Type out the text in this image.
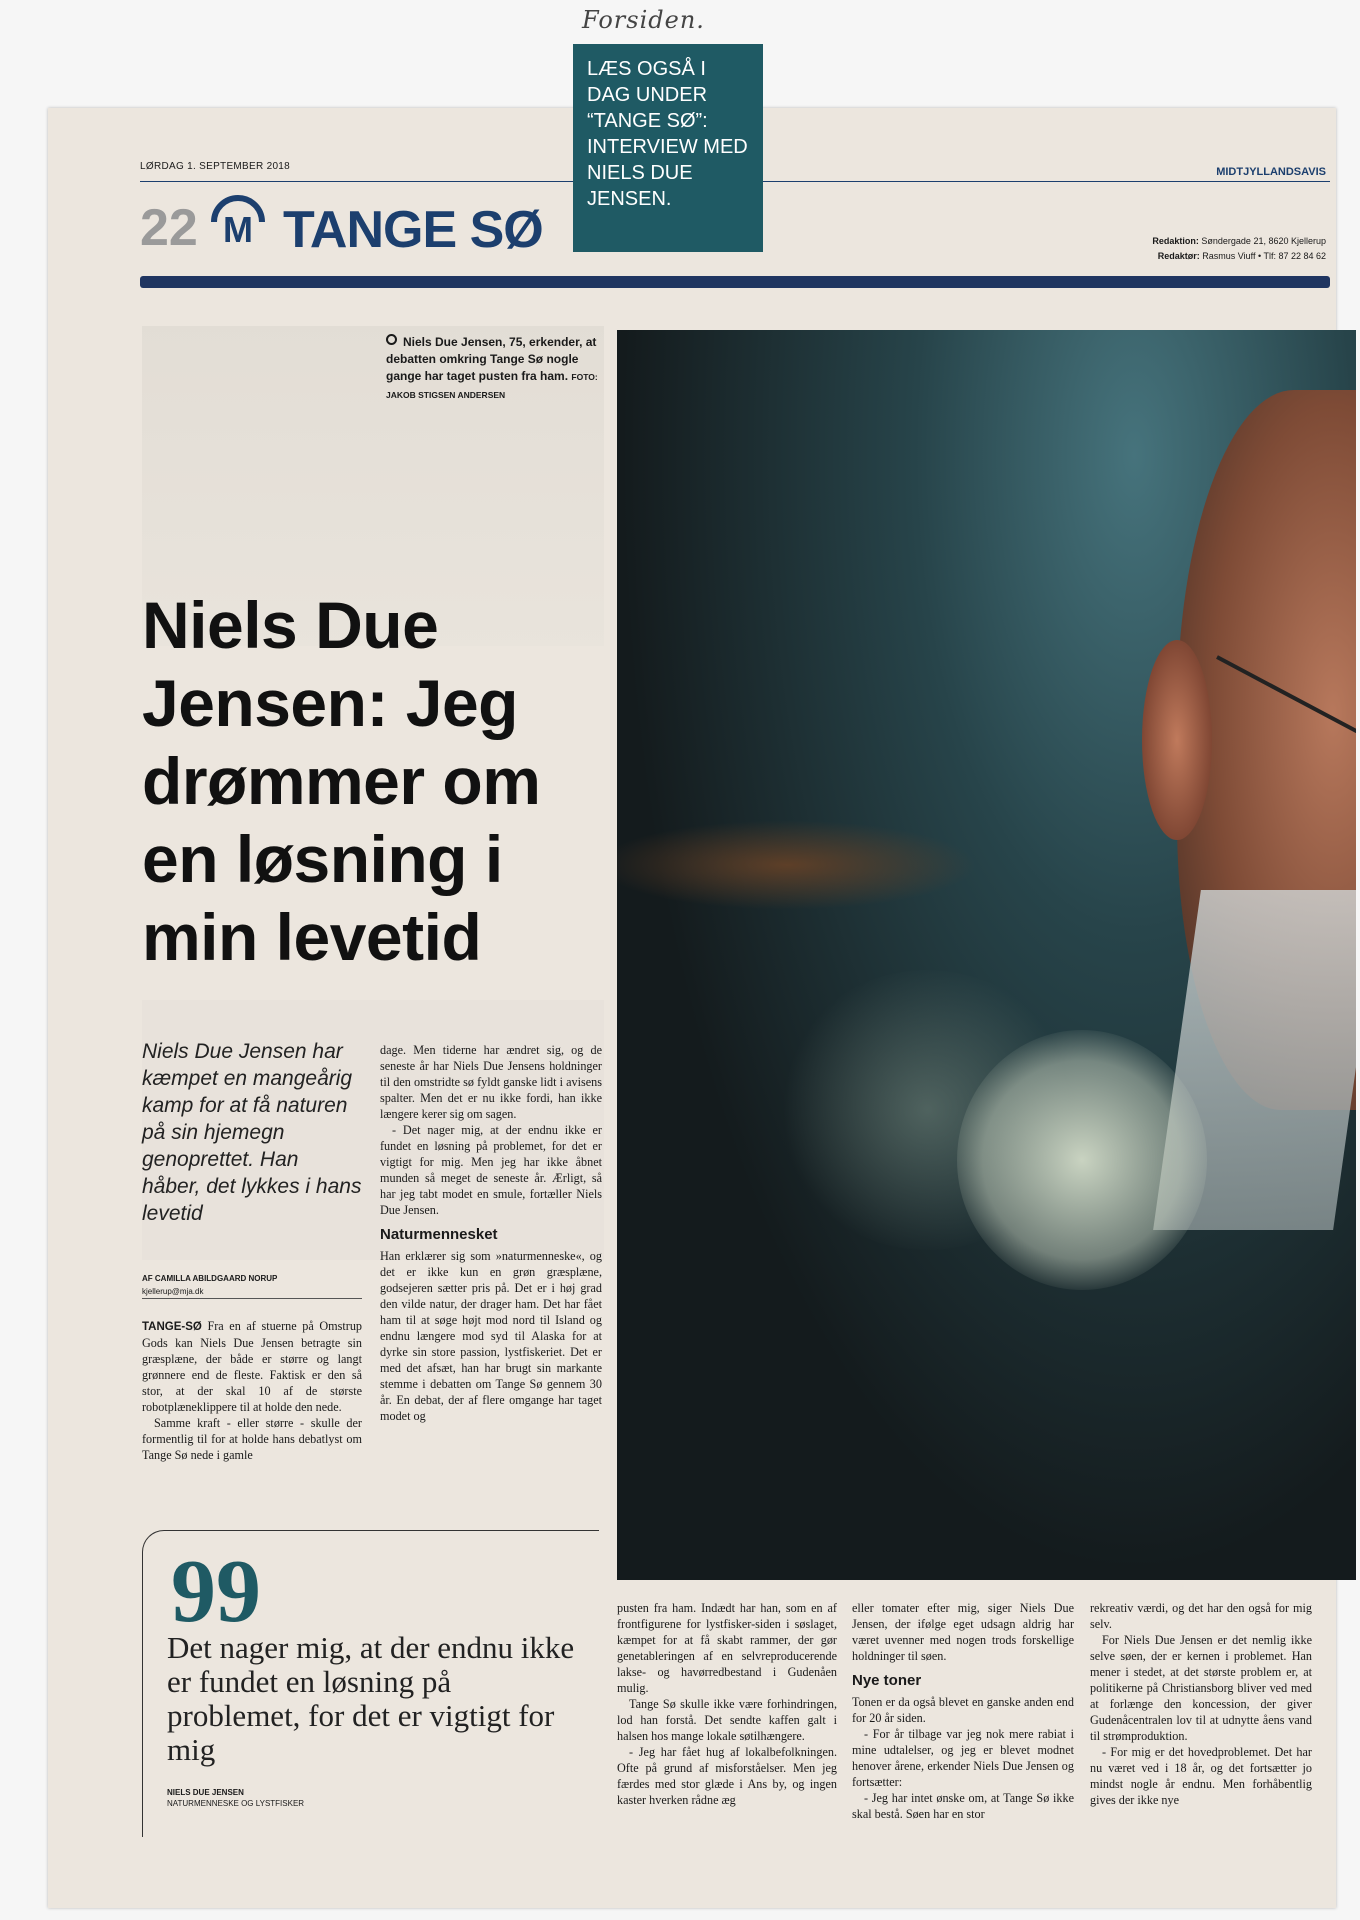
Forsiden.
LÆS OGSÅ I DAG UNDER “TANGE SØ”: INTERVIEW MED NIELS DUE JENSEN.
LØRDAG 1. SEPTEMBER 2018	MIDTJYLLANDSAVIS
22 M TANGE SØ	Redaktion: Søndergade 21, 8620 Kjellerup
Redaktør: Rasmus Viuff • Tlf: 87 22 84 62
Niels Due Jensen, 75, erkender, at debatten omkring Tange Sø nogle gange har taget pusten fra ham. FOTO: JAKOB STIGSEN ANDERSEN
Niels Due Jensen: Jeg drømmer om en løsning i min levetid
Niels Due Jensen har kæmpet en mangeårig kamp for at få naturen på sin hjemegn genoprettet. Han håber, det lykkes i hans levetid
AF CAMILLA ABILDGAARD NORUP
kjellerup@mja.dk

TANGE-SØ Fra en af stuerne på Omstrup Gods kan Niels Due Jensen betragte sin græsplæne, der både er større og langt grønnere end de fleste. Faktisk er den så stor, at der skal 10 af de største robotplæneklippere til at holde den nede.

Samme kraft - eller større - skulle der formentlig til for at holde hans debatlyst om Tange Sø nede i gamle

dage. Men tiderne har ændret sig, og de seneste år har Niels Due Jensens holdninger til den omstridte sø fyldt ganske lidt i avisens spalter. Men det er nu ikke fordi, han ikke længere kerer sig om sagen.

- Det nager mig, at der endnu ikke er fundet en løsning på problemet, for det er vigtigt for mig. Men jeg har ikke åbnet munden så meget de seneste år. Ærligt, så har jeg tabt modet en smule, fortæller Niels Due Jensen.

Naturmennesket

Han erklærer sig som »naturmenneske«, og det er ikke kun en grøn græsplæne, godsejeren sætter pris på. Det er i høj grad den vilde natur, der drager ham. Det har fået ham til at søge højt mod nord til Island og endnu længere mod syd til Alaska for at dyrke sin store passion, lystfiskeriet. Det er med det afsæt, han har brugt sin markante stemme i debatten om Tange Sø gennem 30 år. En debat, der af flere omgange har taget modet og

99
Det nager mig, at der endnu ikke er fundet en løsning på problemet, for det er vigtigt for mig
NIELS DUE JENSEN
NATURMENNESKE OG LYSTFISKER

pusten fra ham. Indædt har han, som en af frontfigurene for lystfisker-siden i søslaget, kæmpet for at få skabt rammer, der gør genetableringen af en selvreproducerende lakse- og havørredbestand i Gudenåen mulig.

Tange Sø skulle ikke være forhindringen, lod han forstå. Det sendte kaffen galt i halsen hos mange lokale søtilhængere.

- Jeg har fået hug af lokalbefolkningen. Ofte på grund af misforståelser. Men jeg færdes med stor glæde i Ans by, og ingen kaster hverken rådne æg

eller tomater efter mig, siger Niels Due Jensen, der ifølge eget udsagn aldrig har været uvenner med nogen trods forskellige holdninger til søen.

Nye toner

Tonen er da også blevet en ganske anden end for 20 år siden.

- For år tilbage var jeg nok mere rabiat i mine udtalelser, og jeg er blevet modnet henover årene, erkender Niels Due Jensen og fortsætter:

- Jeg har intet ønske om, at Tange Sø ikke skal bestå. Søen har en stor

rekreativ værdi, og det har den også for mig selv.

For Niels Due Jensen er det nemlig ikke selve søen, der er kernen i problemet. Han mener i stedet, at det største problem er, at politikerne på Christiansborg bliver ved med at forlænge den koncession, der giver Gudenåcentralen lov til at udnytte åens vand til strømproduktion.

- For mig er det hovedproblemet. Det har nu været ved i 18 år, og det fortsætter jo mindst nogle år endnu. Men forhåbentlig gives der ikke nye
